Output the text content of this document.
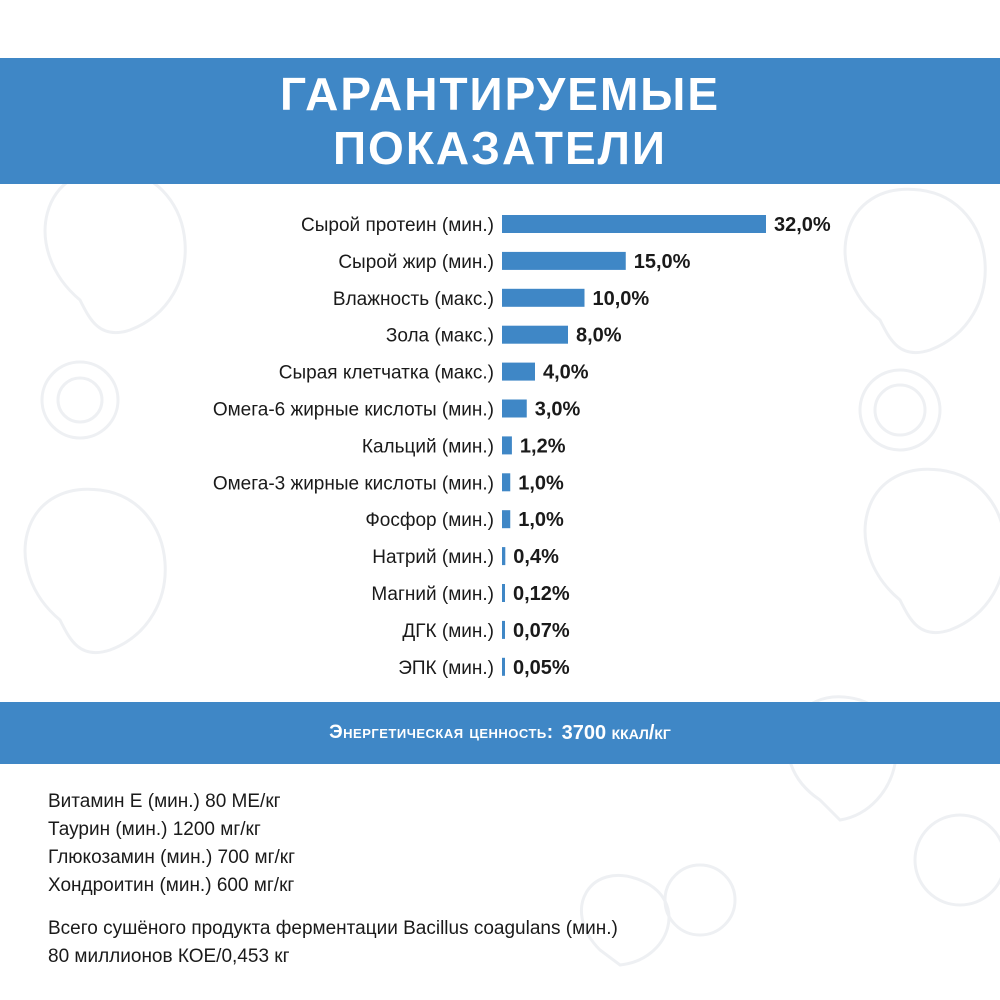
ГАРАНТИРУЕМЫЕ
ПОКАЗАТЕЛИ
Сырой протеин (мин.)	32,0%
Сырой жир (мин.)	15,0%
Влажность (макс.)	10,0%
Зола (макс.)	8,0%
Сырая клетчатка (макс.) 4,0%
Омега-6 жирные кислоты (мин.) 3,0%
Кальций (мин.) 1,2%
Омега-3 жирные кислоты (мин.) 1,0%
Фосфор (мин.) 1,0%
Натрий (мин.) 0,4%
Магний (мин.) 0,12%
ДГК (мин.) 0,07%
ЭПК (мин.) 0,05%
Энергетическая ценность: 3700 ккал/кг
Витамин Е (мин.) 80 МЕ/кг
Таурин (мин.) 1200 мг/кг
Глюкозамин (мин.) 700 мг/кг
Хондроитин (мин.) 600 мг/кг
Всего сушёного продукта ферментации Bacillus coagulans (мин.)
80 миллионов КОЕ/0,453 кг
